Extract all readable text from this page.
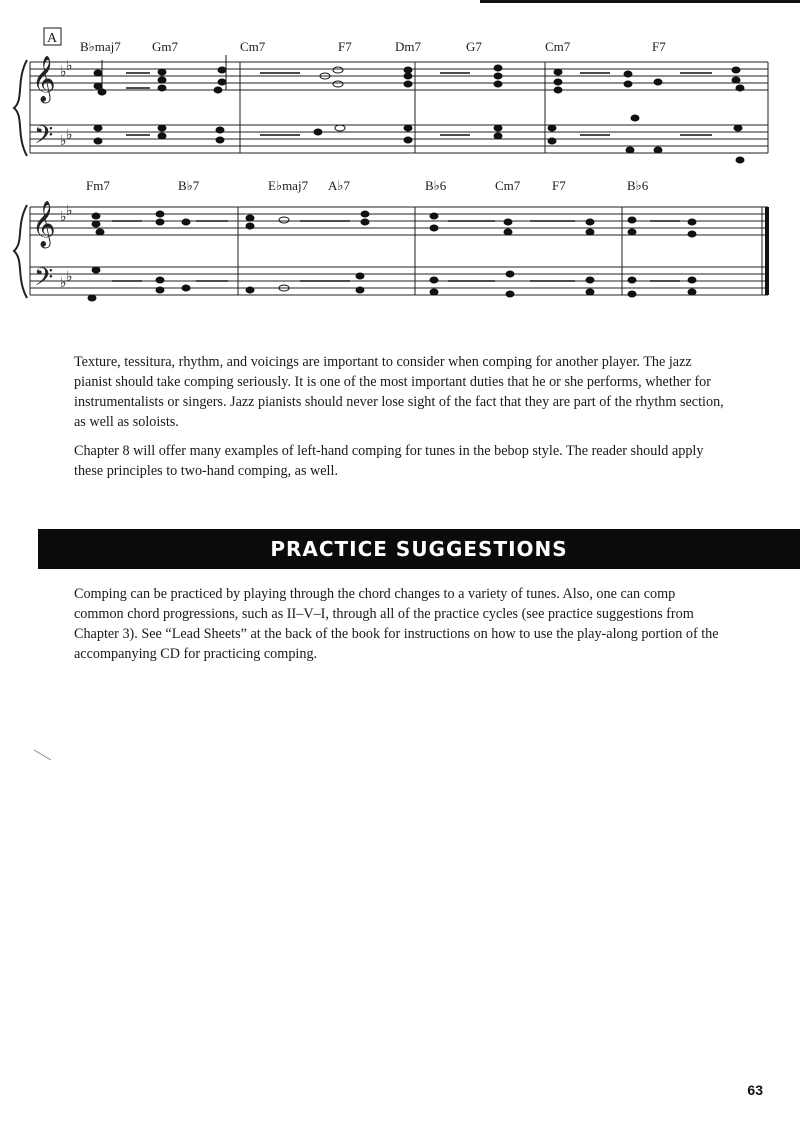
A
B♭maj7 Gm7	Cm7	F7	Dm7	G7	Cm7	F7
𝄞
𝄢
♭ ♭
♭ ♭
Fm7	B♭7	E♭maj7 A♭7	B♭6	Cm7 F7	B♭6
𝄞
𝄢
♭ ♭
♭ ♭

Texture, tessitura, rhythm, and voicings are important to consider when comping for another player. The jazz pianist should take comping seriously. It is one of the most important duties that he or she performs, whether for instrumentalists or singers. Jazz pianists should never lose sight of the fact that they are part of the rhythm section, as well as soloists.

Chapter 8 will offer many examples of left-hand comping for tunes in the bebop style. The reader should apply these principles to two-hand comping, as well.

PRACTICE SUGGESTIONS

Comping can be practiced by playing through the chord changes to a variety of tunes. Also, one can comp common chord progressions, such as II–V–I, through all of the practice cycles (see practice suggestions from Chapter 3). See “Lead Sheets” at the back of the book for instructions on how to use the play-along portion of the accompanying CD for practicing comping.

63
